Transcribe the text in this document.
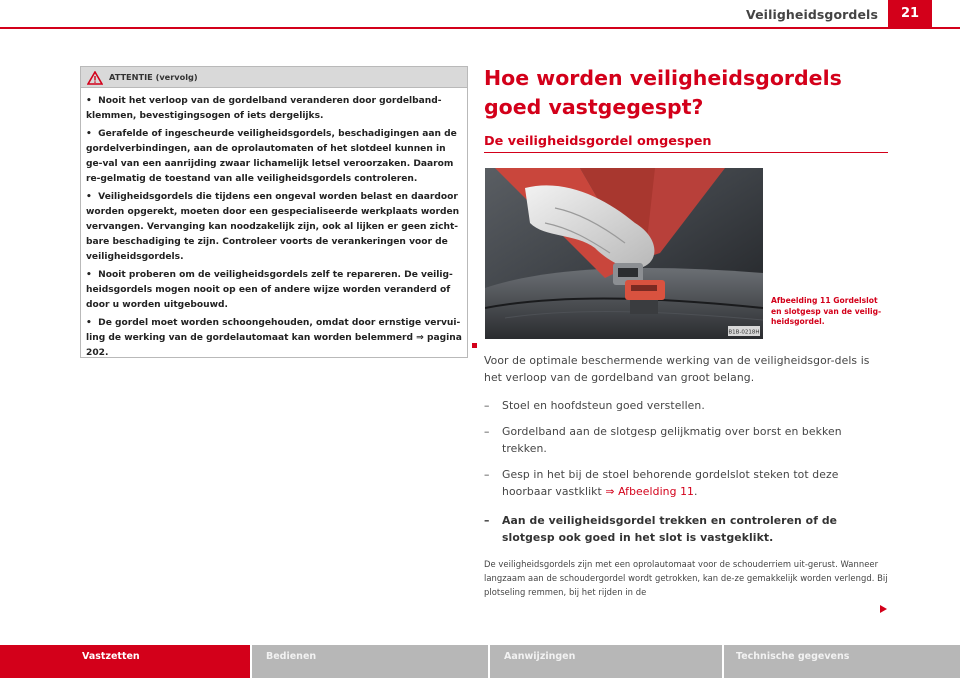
Veiligheidsgordels	21
ATTENTIE (vervolg)

•  Nooit het verloop van de gordelband veranderen door gordelband-klemmen, bevestigingsogen of iets dergelijks.

•  Gerafelde of ingescheurde veiligheidsgordels, beschadigingen aan de gordelverbindingen, aan de oprolautomaten of het slotdeel kunnen in ge-val van een aanrijding zwaar lichamelijk letsel veroorzaken. Daarom re-gelmatig de toestand van alle veiligheidsgordels controleren.

•  Veiligheidsgordels die tijdens een ongeval worden belast en daardoor worden opgerekt, moeten door een gespecialiseerde werkplaats worden vervangen. Vervanging kan noodzakelijk zijn, ook al lijken er geen zicht-bare beschadiging te zijn. Controleer voorts de verankeringen voor de veiligheidsgordels.

•  Nooit proberen om de veiligheidsgordels zelf te repareren. De veilig-heidsgordels mogen nooit op een of andere wijze worden veranderd of door u worden uitgebouwd.

•  De gordel moet worden schoongehouden, omdat door ernstige vervui-ling de werking van de gordelautomaat kan worden belemmerd ⇒ pagina 202.

Hoe worden veiligheidsgordels goed vastgegespt?
De veiligheidsgordel omgespen
B1B-0218H
Afbeelding 11 Gordelslot en slotgesp van de veilig-heidsgordel.
Voor de optimale beschermende werking van de veiligheidsgor-dels is het verloop van de gordelband van groot belang.
– Stoel en hoofdsteun goed verstellen.
– Gordelband aan de slotgesp gelijkmatig over borst en bekken trekken.
– Gesp in het bij de stoel behorende gordelslot steken tot deze hoorbaar vastklikt ⇒ Afbeelding 11.
– Aan de veiligheidsgordel trekken en controleren of de slotgesp ook goed in het slot is vastgeklikt.
De veiligheidsgordels zijn met een oprolautomaat voor de schouderriem uit-gerust. Wanneer langzaam aan de schoudergordel wordt getrokken, kan de-ze gemakkelijk worden verlengd. Bij plotseling remmen, bij het rijden in de
Vastzetten	Bedienen	Aanwijzingen	Technische gegevens
